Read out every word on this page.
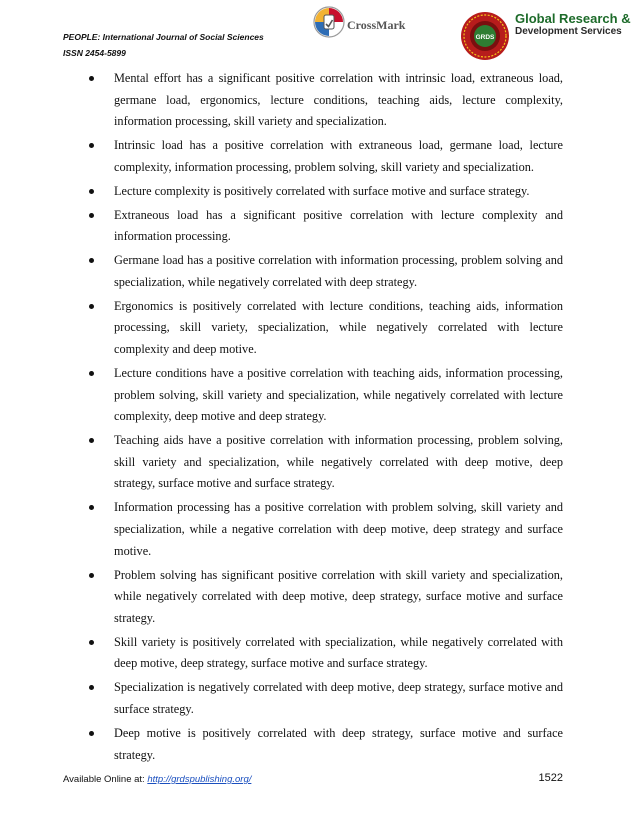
PEOPLE: International Journal of Social Sciences
ISSN 2454-5899
CrossMark
GRDS
Global Research &
Development Services
Mental effort has a significant positive correlation with intrinsic load, extraneous load, germane load, ergonomics, lecture conditions, teaching aids, lecture complexity, information processing, skill variety and specialization.
Intrinsic load has a positive correlation with extraneous load, germane load, lecture complexity, information processing, problem solving, skill variety and specialization.
Lecture complexity is positively correlated with surface motive and surface strategy.
Extraneous load has a significant positive correlation with lecture complexity and information processing.
Germane load has a positive correlation with information processing, problem solving and specialization, while negatively correlated with deep strategy.
Ergonomics is positively correlated with lecture conditions, teaching aids, information processing, skill variety, specialization, while negatively correlated with lecture complexity and deep motive.
Lecture conditions have a positive correlation with teaching aids, information processing, problem solving, skill variety and specialization, while negatively correlated with lecture complexity, deep motive and deep strategy.
Teaching aids have a positive correlation with information processing, problem solving, skill variety and specialization, while negatively correlated with deep motive, deep strategy, surface motive and surface strategy.
Information processing has a positive correlation with problem solving, skill variety and specialization, while a negative correlation with deep motive, deep strategy and surface motive.
Problem solving has significant positive correlation with skill variety and specialization, while negatively correlated with deep motive, deep strategy, surface motive and surface strategy.
Skill variety is positively correlated with specialization, while negatively correlated with deep motive, deep strategy, surface motive and surface strategy.
Specialization is negatively correlated with deep motive, deep strategy, surface motive and surface strategy.
Deep motive is positively correlated with deep strategy, surface motive and surface strategy.
Available Online at: http://grdspublishing.org/	1522
